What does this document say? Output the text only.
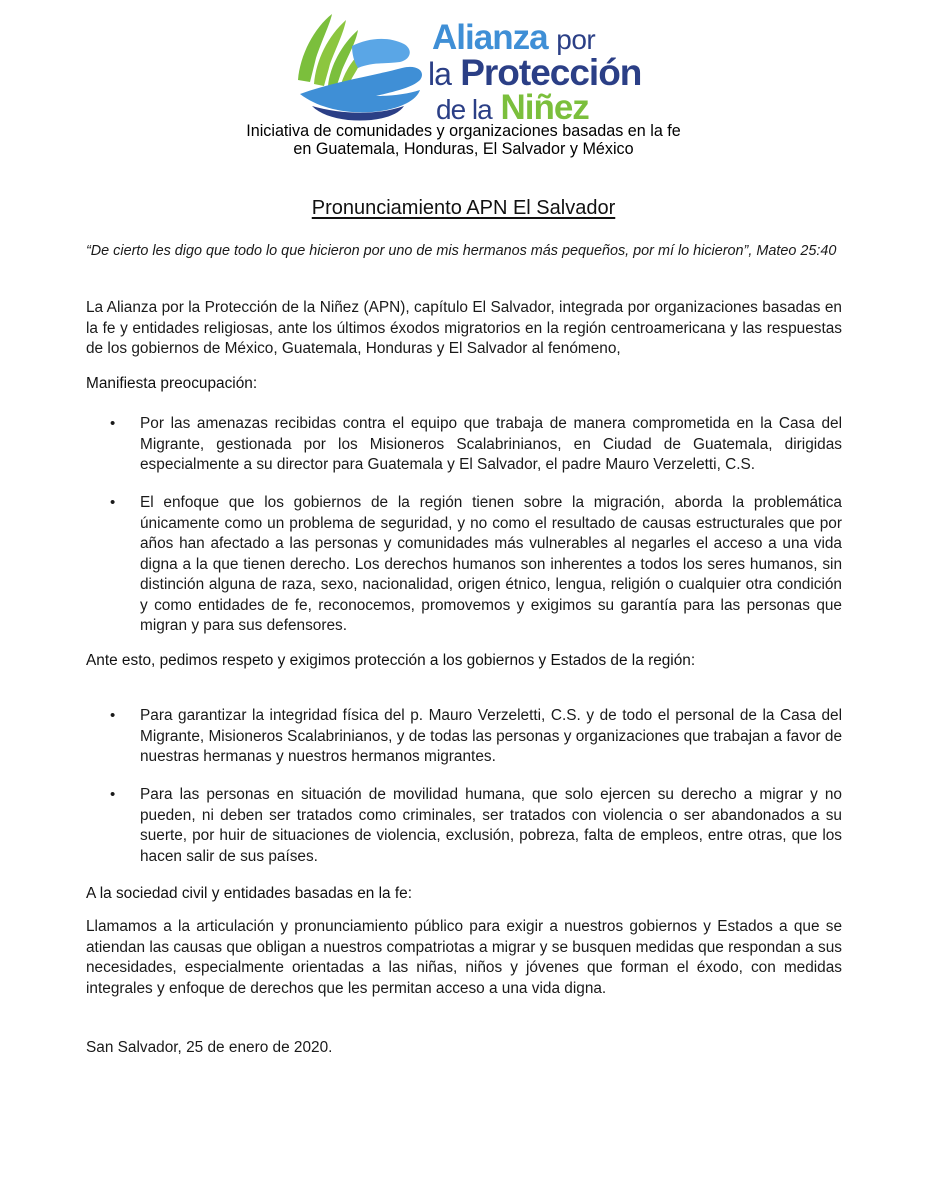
Alianza por
la Protección
de la Niñez
Iniciativa de comunidades y organizaciones basadas en la fe
en Guatemala, Honduras, El Salvador y México
Pronunciamiento APN El Salvador
“De cierto les digo que todo lo que hicieron por uno de mis hermanos más pequeños, por mí lo hicieron”, Mateo 25:40
La Alianza por la Protección de la Niñez (APN), capítulo El Salvador, integrada por organizaciones basadas en la fe y entidades religiosas, ante los últimos éxodos migratorios en la región centroamericana y las respuestas de los gobiernos de México, Guatemala, Honduras y El Salvador al fenómeno,
Manifiesta preocupación:
• Por las amenazas recibidas contra el equipo que trabaja de manera comprometida en la Casa del Migrante, gestionada por los Misioneros Scalabrinianos, en Ciudad de Guatemala, dirigidas especialmente a su director para Guatemala y El Salvador, el padre Mauro Verzeletti, C.S.
• El enfoque que los gobiernos de la región tienen sobre la migración, aborda la problemática únicamente como un problema de seguridad, y no como el resultado de causas estructurales que por años han afectado a las personas y comunidades más vulnerables al negarles el acceso a una vida digna a la que tienen derecho. Los derechos humanos son inherentes a todos los seres humanos, sin distinción alguna de raza, sexo, nacionalidad, origen étnico, lengua, religión o cualquier otra condición y como entidades de fe, reconocemos, promovemos y exigimos su garantía para las personas que migran y para sus defensores.
Ante esto, pedimos respeto y exigimos protección a los gobiernos y Estados de la región:
• Para garantizar la integridad física del p. Mauro Verzeletti, C.S. y de todo el personal de la Casa del Migrante, Misioneros Scalabrinianos, y de todas las personas y organizaciones que trabajan a favor de nuestras hermanas y nuestros hermanos migrantes.
• Para las personas en situación de movilidad humana, que solo ejercen su derecho a migrar y no pueden, ni deben ser tratados como criminales, ser tratados con violencia o ser abandonados a su suerte, por huir de situaciones de violencia, exclusión, pobreza, falta de empleos, entre otras, que los hacen salir de sus países.
A la sociedad civil y entidades basadas en la fe:
Llamamos a la articulación y pronunciamiento público para exigir a nuestros gobiernos y Estados a que se atiendan las causas que obligan a nuestros compatriotas a migrar y se busquen medidas que respondan a sus necesidades, especialmente orientadas a las niñas, niños y jóvenes que forman el éxodo, con medidas integrales y enfoque de derechos que les permitan acceso a una vida digna.
San Salvador, 25 de enero de 2020.
